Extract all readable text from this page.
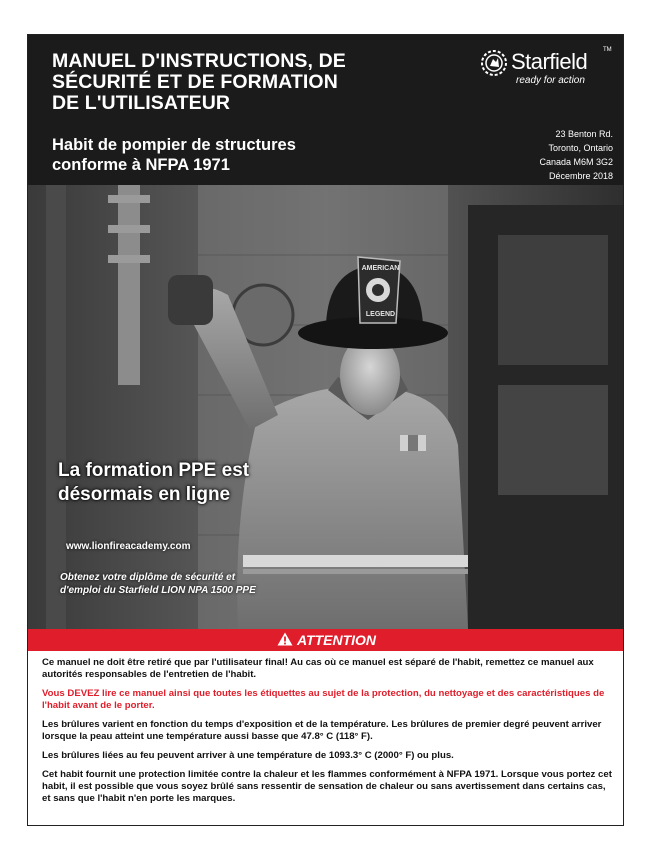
MANUEL D'INSTRUCTIONS, DE
SÉCURITÉ ET DE FORMATION
DE L'UTILISATEUR
Habit de pompier de structures
conforme à NFPA 1971
Starfield	TM
ready for action
23 Benton Rd.
Toronto, Ontario
Canada M6M 3G2
Décembre 2018
AMERICAN
LEGEND
La formation PPE est
désormais en ligne
www.lionfireacademy.com
Obtenez votre diplôme de sécurité et
d'emploi du Starfield LION NPA 1500 PPE
ATTENTION

Ce manuel ne doit être retiré que par l'utilisateur final! Au cas où ce manuel est séparé de l'habit, remettez ce manuel aux autorités responsables de l'entretien de l'habit.

Vous DEVEZ lire ce manuel ainsi que toutes les étiquettes au sujet de la protection, du nettoyage et des caractéristiques de l'habit avant de le porter.

Les brûlures varient en fonction du temps d'exposition et de la température. Les brûlures de premier degré peuvent arriver lorsque la peau atteint une température aussi basse que 47.8° C (118° F).

Les brûlures liées au feu peuvent arriver à une température de 1093.3° C (2000° F) ou plus.

Cet habit fournit une protection limitée contre la chaleur et les flammes conformément à NFPA 1971. Lorsque vous portez cet habit, il est possible que vous soyez brûlé sans ressentir de sensation de chaleur ou sans avertissement dans certains cas, et sans que l'habit n'en porte les marques.
